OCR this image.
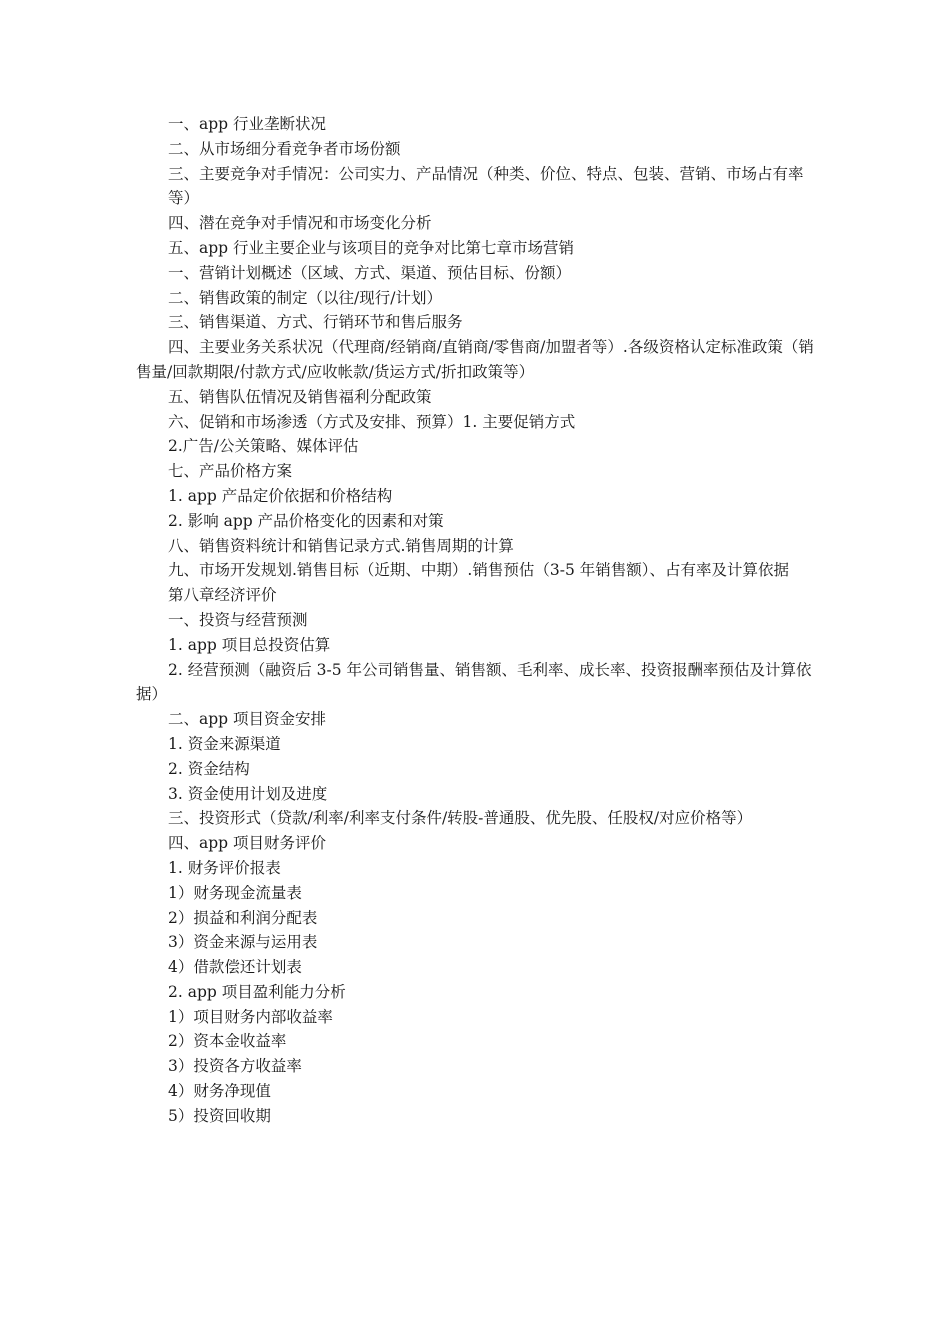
一、app 行业垄断状况

二、从市场细分看竞争者市场份额

三、主要竞争对手情况：公司实力、产品情况（种类、价位、特点、包装、营销、市场占有率

等）

四、潜在竞争对手情况和市场变化分析

五、app 行业主要企业与该项目的竞争对比第七章市场营销

一、营销计划概述（区域、方式、渠道、预估目标、份额）

二、销售政策的制定（以往/现行/计划）

三、销售渠道、方式、行销环节和售后服务

四、主要业务关系状况（代理商/经销商/直销商/零售商/加盟者等）.各级资格认定标准政策（销售量/回款期限/付款方式/应收帐款/货运方式/折扣政策等）

五、销售队伍情况及销售福利分配政策

六、促销和市场渗透（方式及安排、预算）1. 主要促销方式

2.广告/公关策略、媒体评估

七、产品价格方案

1. app 产品定价依据和价格结构

2. 影响 app 产品价格变化的因素和对策

八、销售资料统计和销售记录方式.销售周期的计算

九、市场开发规划.销售目标（近期、中期）.销售预估（3-5 年销售额）、占有率及计算依据

第八章经济评价

一、投资与经营预测

1. app 项目总投资估算

2. 经营预测（融资后 3-5 年公司销售量、销售额、毛利率、成长率、投资报酬率预估及计算依据）

二、app 项目资金安排

1. 资金来源渠道

2. 资金结构

3. 资金使用计划及进度

三、投资形式（贷款/利率/利率支付条件/转股-普通股、优先股、任股权/对应价格等）

四、app 项目财务评价

1. 财务评价报表

1）财务现金流量表

2）损益和利润分配表

3）资金来源与运用表

4）借款偿还计划表

2. app 项目盈利能力分析

1）项目财务内部收益率

2）资本金收益率

3）投资各方收益率

4）财务净现值

5）投资回收期
